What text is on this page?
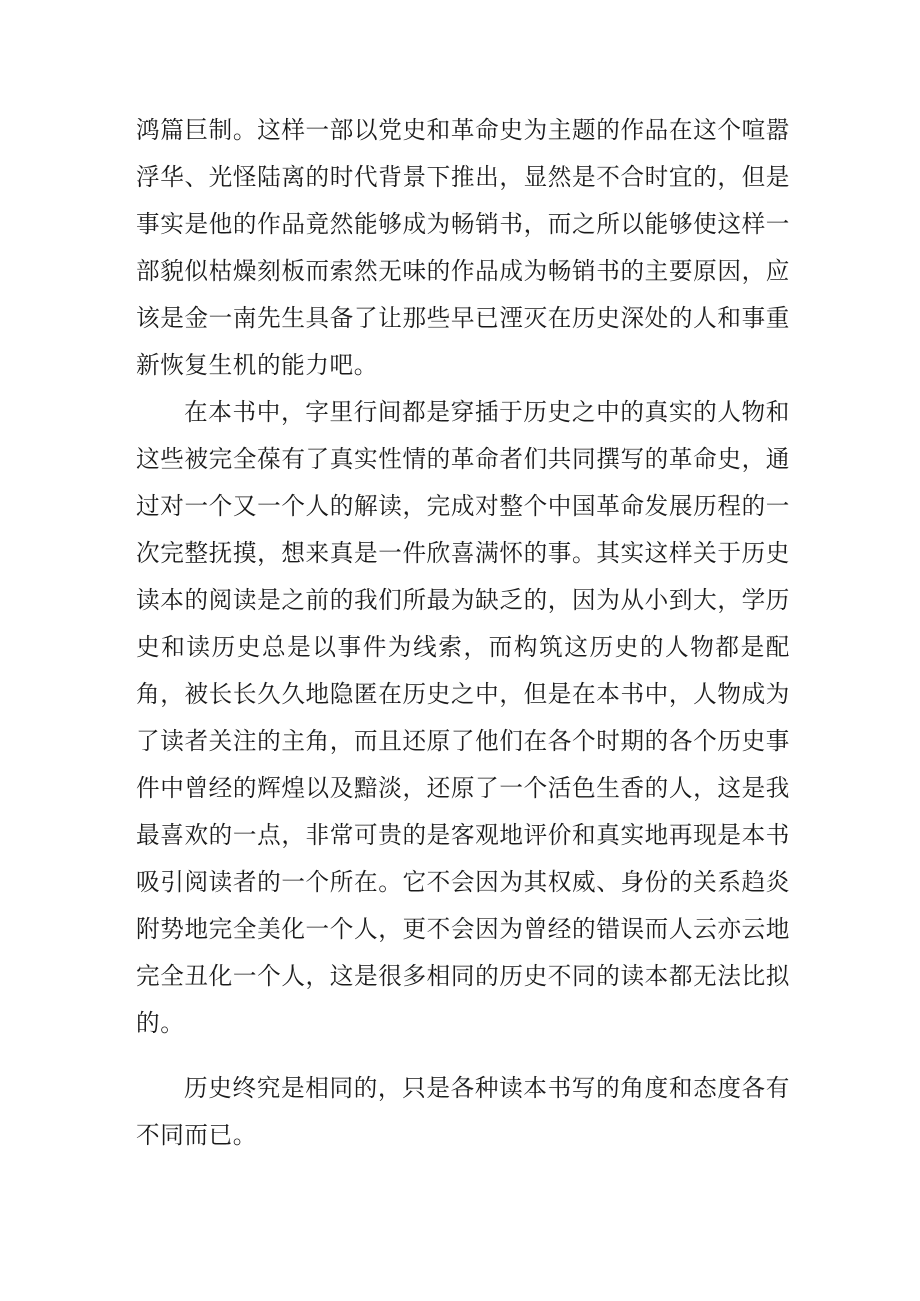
鸿篇巨制。这样一部以党史和革命史为主题的作品在这个喧嚣浮华、光怪陆离的时代背景下推出，显然是不合时宜的，但是事实是他的作品竟然能够成为畅销书，而之所以能够使这样一部貌似枯燥刻板而索然无味的作品成为畅销书的主要原因，应该是金一南先生具备了让那些早已湮灭在历史深处的人和事重新恢复生机的能力吧。

在本书中，字里行间都是穿插于历史之中的真实的人物和这些被完全葆有了真实性情的革命者们共同撰写的革命史，通过对一个又一个人的解读，完成对整个中国革命发展历程的一次完整抚摸，想来真是一件欣喜满怀的事。其实这样关于历史读本的阅读是之前的我们所最为缺乏的，因为从小到大，学历史和读历史总是以事件为线索，而构筑这历史的人物都是配角，被长长久久地隐匿在历史之中，但是在本书中，人物成为了读者关注的主角，而且还原了他们在各个时期的各个历史事件中曾经的辉煌以及黯淡，还原了一个活色生香的人，这是我最喜欢的一点，非常可贵的是客观地评价和真实地再现是本书吸引阅读者的一个所在。它不会因为其权威、身份的关系趋炎附势地完全美化一个人，更不会因为曾经的错误而人云亦云地完全丑化一个人，这是很多相同的历史不同的读本都无法比拟的。

历史终究是相同的，只是各种读本书写的角度和态度各有不同而已。
